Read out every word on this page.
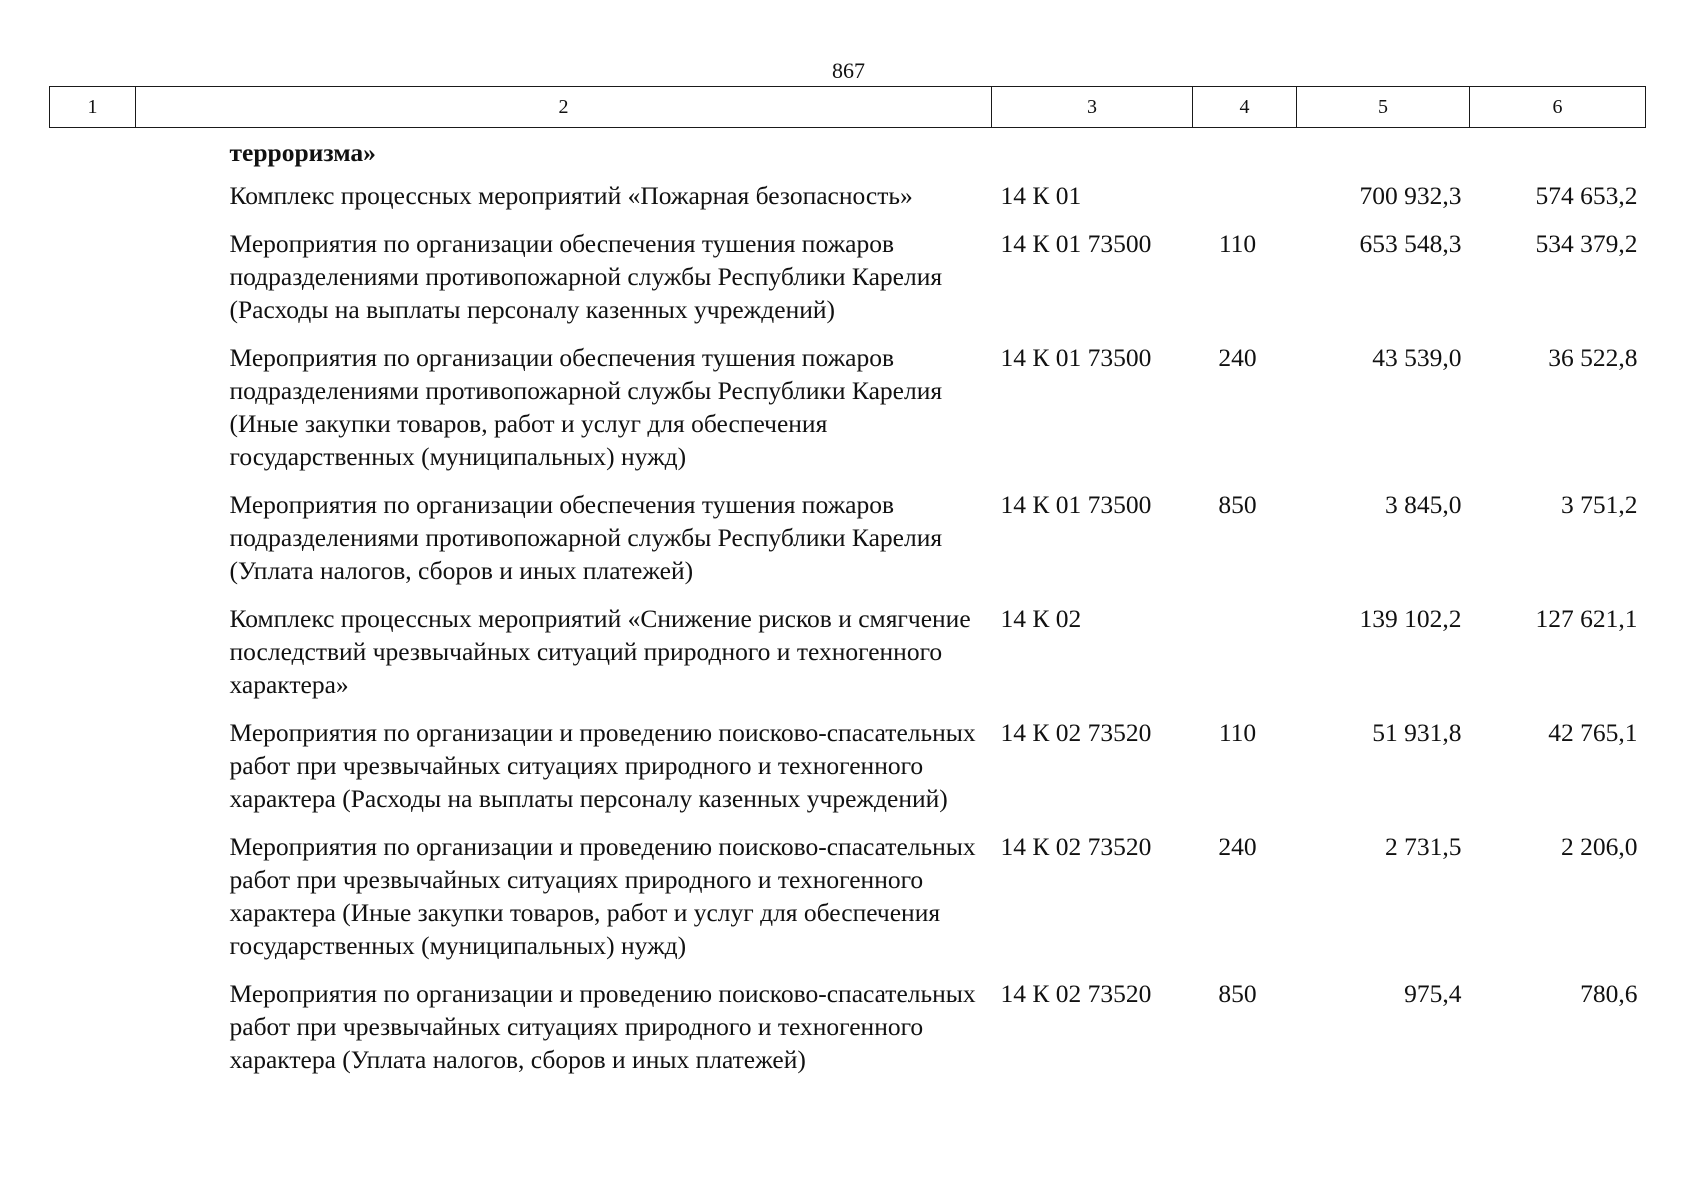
867
1	2	3	4	5	6

	терроризма»				

	Комплекс процессных мероприятий «Пожарная безопасность»	14 К 01		700 932,3	574 653,2

	Мероприятия по организации обеспечения тушения пожаров
подразделениями противопожарной службы Республики Карелия
(Расходы на выплаты персоналу казенных учреждений)	14 К 01 73500	110	653 548,3	534 379,2

	Мероприятия по организации обеспечения тушения пожаров
подразделениями противопожарной службы Республики Карелия
(Иные закупки товаров, работ и услуг для обеспечения
государственных (муниципальных) нужд)	14 К 01 73500	240	43 539,0	36 522,8

	Мероприятия по организации обеспечения тушения пожаров
подразделениями противопожарной службы Республики Карелия
(Уплата налогов, сборов и иных платежей)	14 К 01 73500	850	3 845,0	3 751,2

	Комплекс процессных мероприятий «Снижение рисков и смягчение
последствий чрезвычайных ситуаций природного и техногенного
характера»	14 К 02		139 102,2	127 621,1

	Мероприятия по организации и проведению поисково-спасательных
работ при чрезвычайных ситуациях природного и техногенного
характера (Расходы на выплаты персоналу казенных учреждений)	14 К 02 73520	110	51 931,8	42 765,1

	Мероприятия по организации и проведению поисково-спасательных
работ при чрезвычайных ситуациях природного и техногенного
характера (Иные закупки товаров, работ и услуг для обеспечения
государственных (муниципальных) нужд)	14 К 02 73520	240	2 731,5	2 206,0

	Мероприятия по организации и проведению поисково-спасательных
работ при чрезвычайных ситуациях природного и техногенного
характера (Уплата налогов, сборов и иных платежей)	14 К 02 73520	850	975,4	780,6
